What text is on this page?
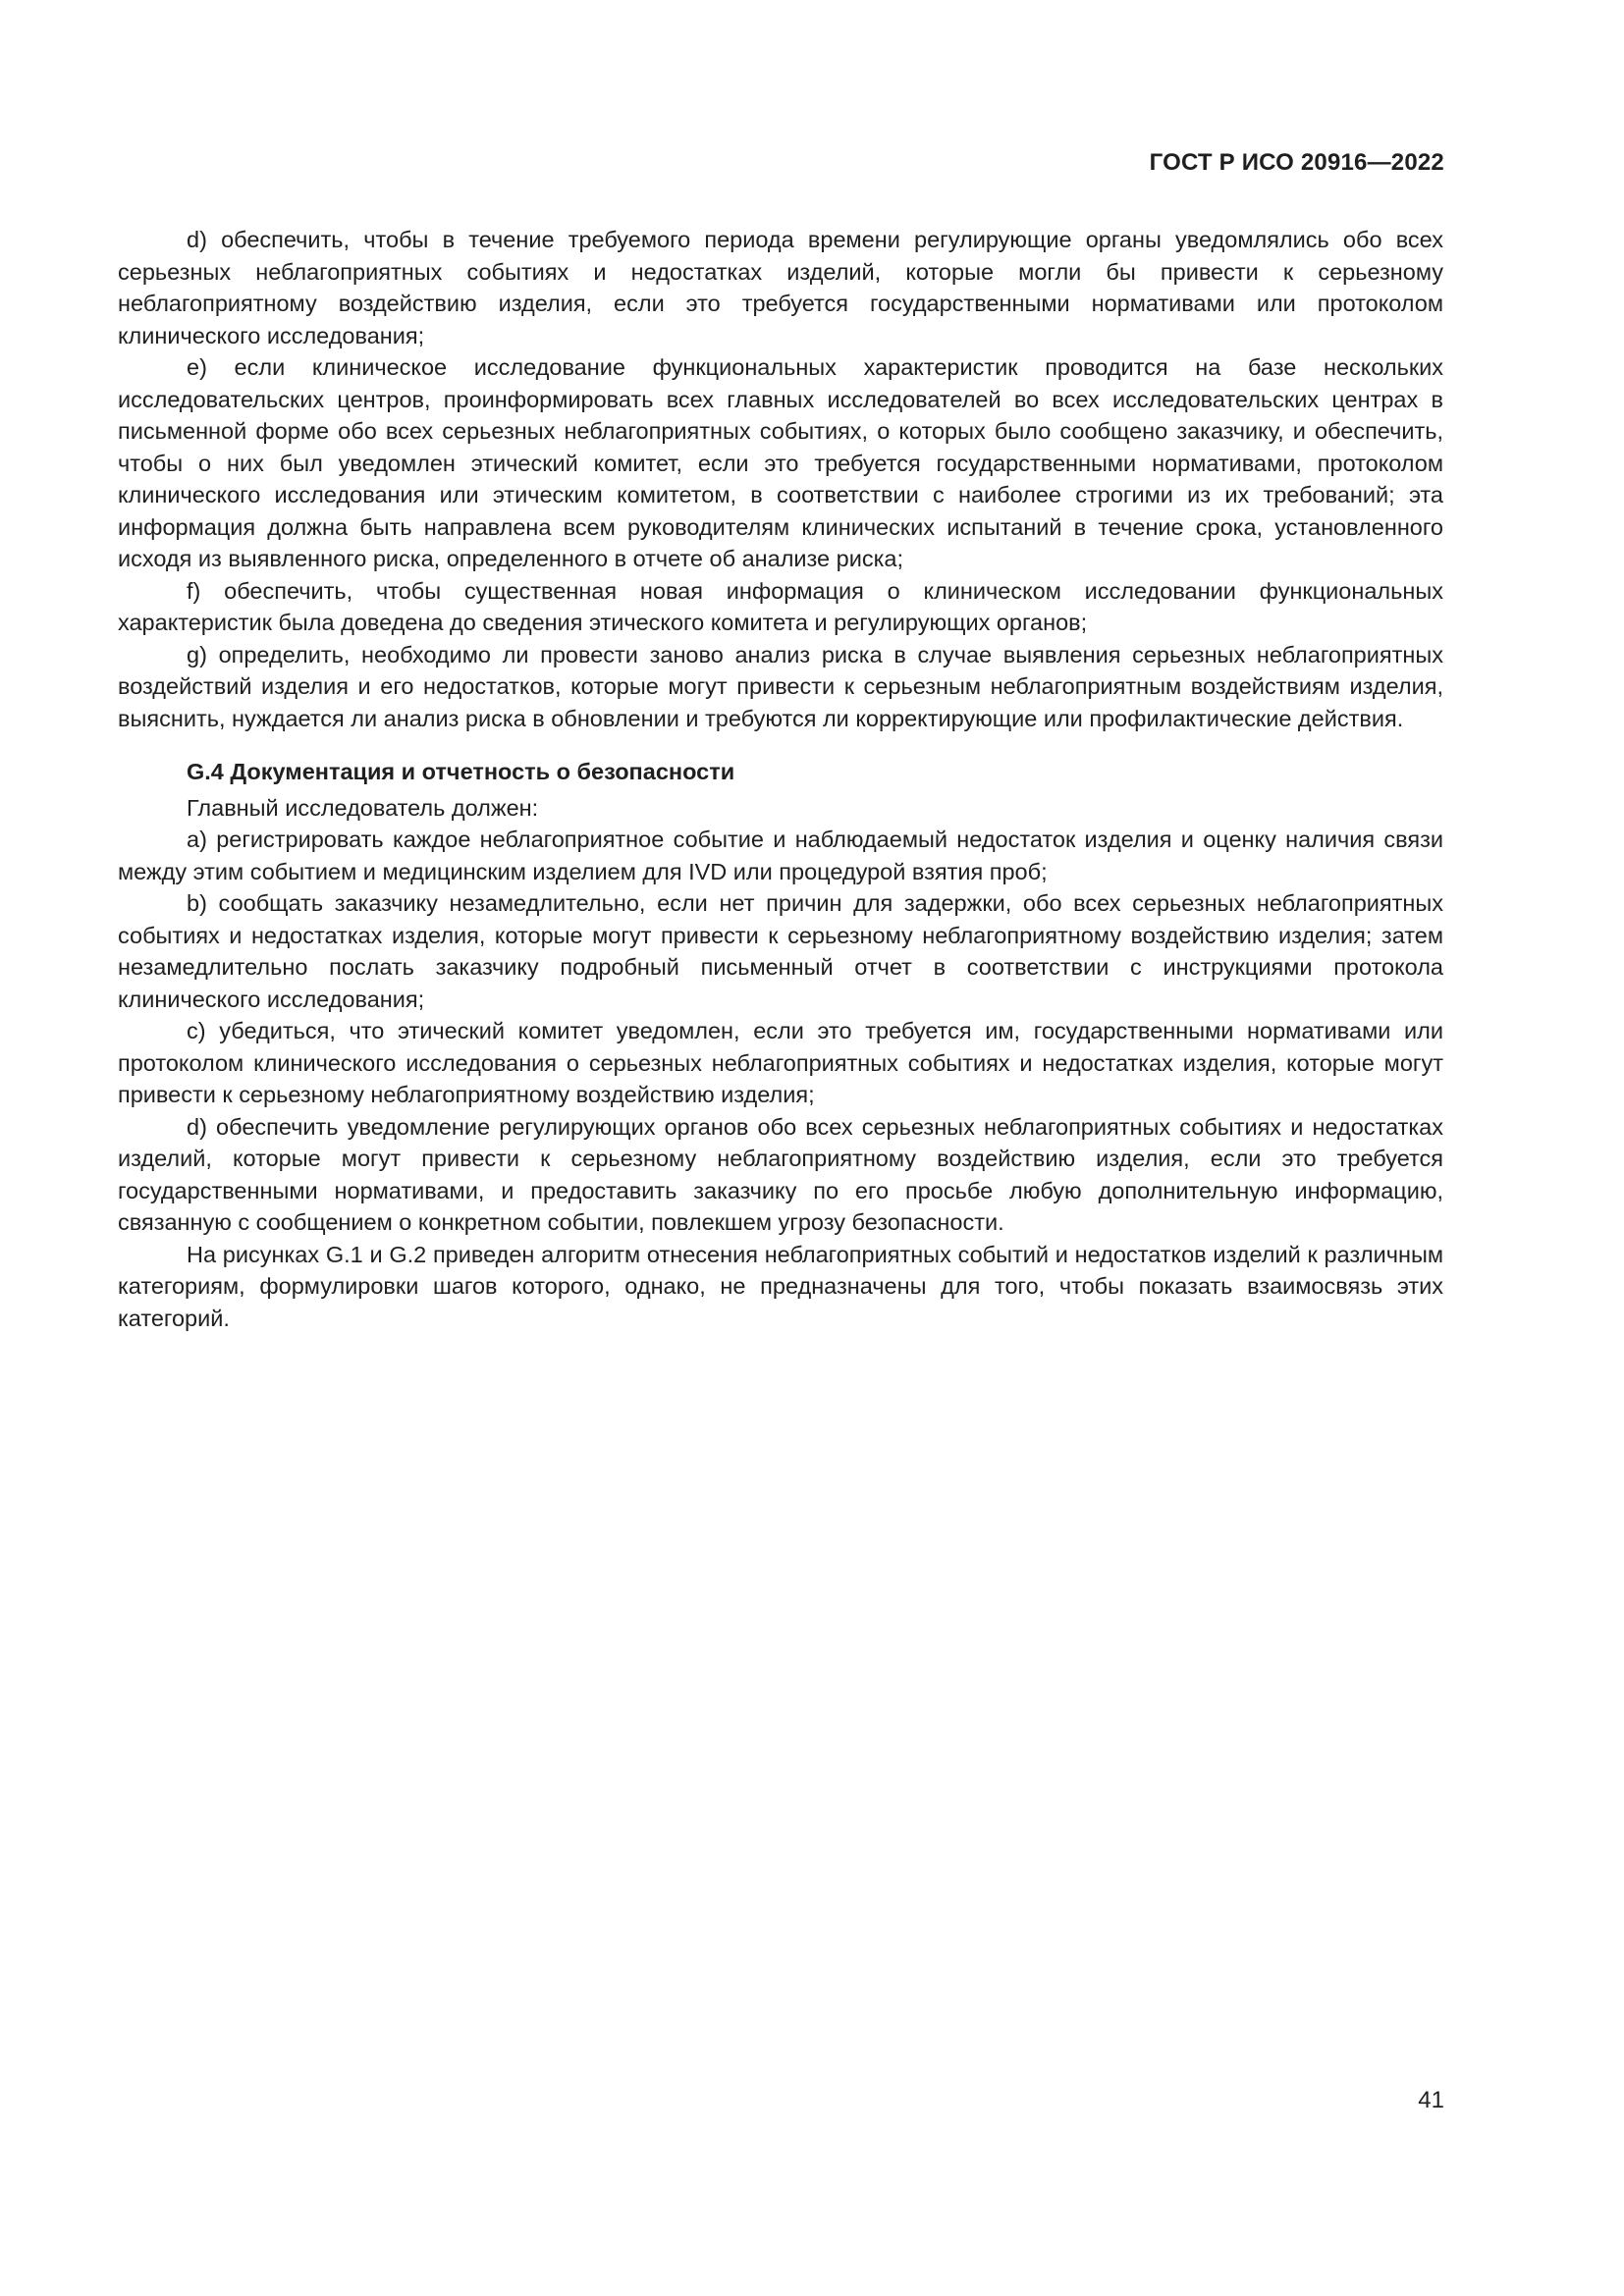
ГОСТ Р ИСО 20916—2022

d) обеспечить, чтобы в течение требуемого периода времени регулирующие органы уведомлялись обо всех серьезных неблагоприятных событиях и недостатках изделий, которые могли бы привести к серьезному неблагоприятному воздействию изделия, если это требуется государственными нормативами или протоколом клинического исследования;

e) если клиническое исследование функциональных характеристик проводится на базе нескольких исследовательских центров, проинформировать всех главных исследователей во всех исследовательских центрах в письменной форме обо всех серьезных неблагоприятных событиях, о которых было сообщено заказчику, и обеспечить, чтобы о них был уведомлен этический комитет, если это требуется государственными нормативами, протоколом клинического исследования или этическим комитетом, в соответствии с наиболее строгими из их требований; эта информация должна быть направлена всем руководителям клинических испытаний в течение срока, установленного исходя из выявленного риска, определенного в отчете об анализе риска;

f) обеспечить, чтобы существенная новая информация о клиническом исследовании функциональных характеристик была доведена до сведения этического комитета и регулирующих органов;

g) определить, необходимо ли провести заново анализ риска в случае выявления серьезных неблагоприятных воздействий изделия и его недостатков, которые могут привести к серьезным неблагоприятным воздействиям изделия, выяснить, нуждается ли анализ риска в обновлении и требуются ли корректирующие или профилактические действия.

G.4 Документация и отчетность о безопасности

Главный исследователь должен:

a) регистрировать каждое неблагоприятное событие и наблюдаемый недостаток изделия и оценку наличия связи между этим событием и медицинским изделием для IVD или процедурой взятия проб;

b) сообщать заказчику незамедлительно, если нет причин для задержки, обо всех серьезных неблагоприятных событиях и недостатках изделия, которые могут привести к серьезному неблагоприятному воздействию изделия; затем незамедлительно послать заказчику подробный письменный отчет в соответствии с инструкциями протокола клинического исследования;

c) убедиться, что этический комитет уведомлен, если это требуется им, государственными нормативами или протоколом клинического исследования о серьезных неблагоприятных событиях и недостатках изделия, которые могут привести к серьезному неблагоприятному воздействию изделия;

d) обеспечить уведомление регулирующих органов обо всех серьезных неблагоприятных событиях и недостатках изделий, которые могут привести к серьезному неблагоприятному воздействию изделия, если это требуется государственными нормативами, и предоставить заказчику по его просьбе любую дополнительную информацию, связанную с сообщением о конкретном событии, повлекшем угрозу безопасности.

На рисунках G.1 и G.2 приведен алгоритм отнесения неблагоприятных событий и недостатков изделий к различным категориям, формулировки шагов которого, однако, не предназначены для того, чтобы показать взаимосвязь этих категорий.

41
